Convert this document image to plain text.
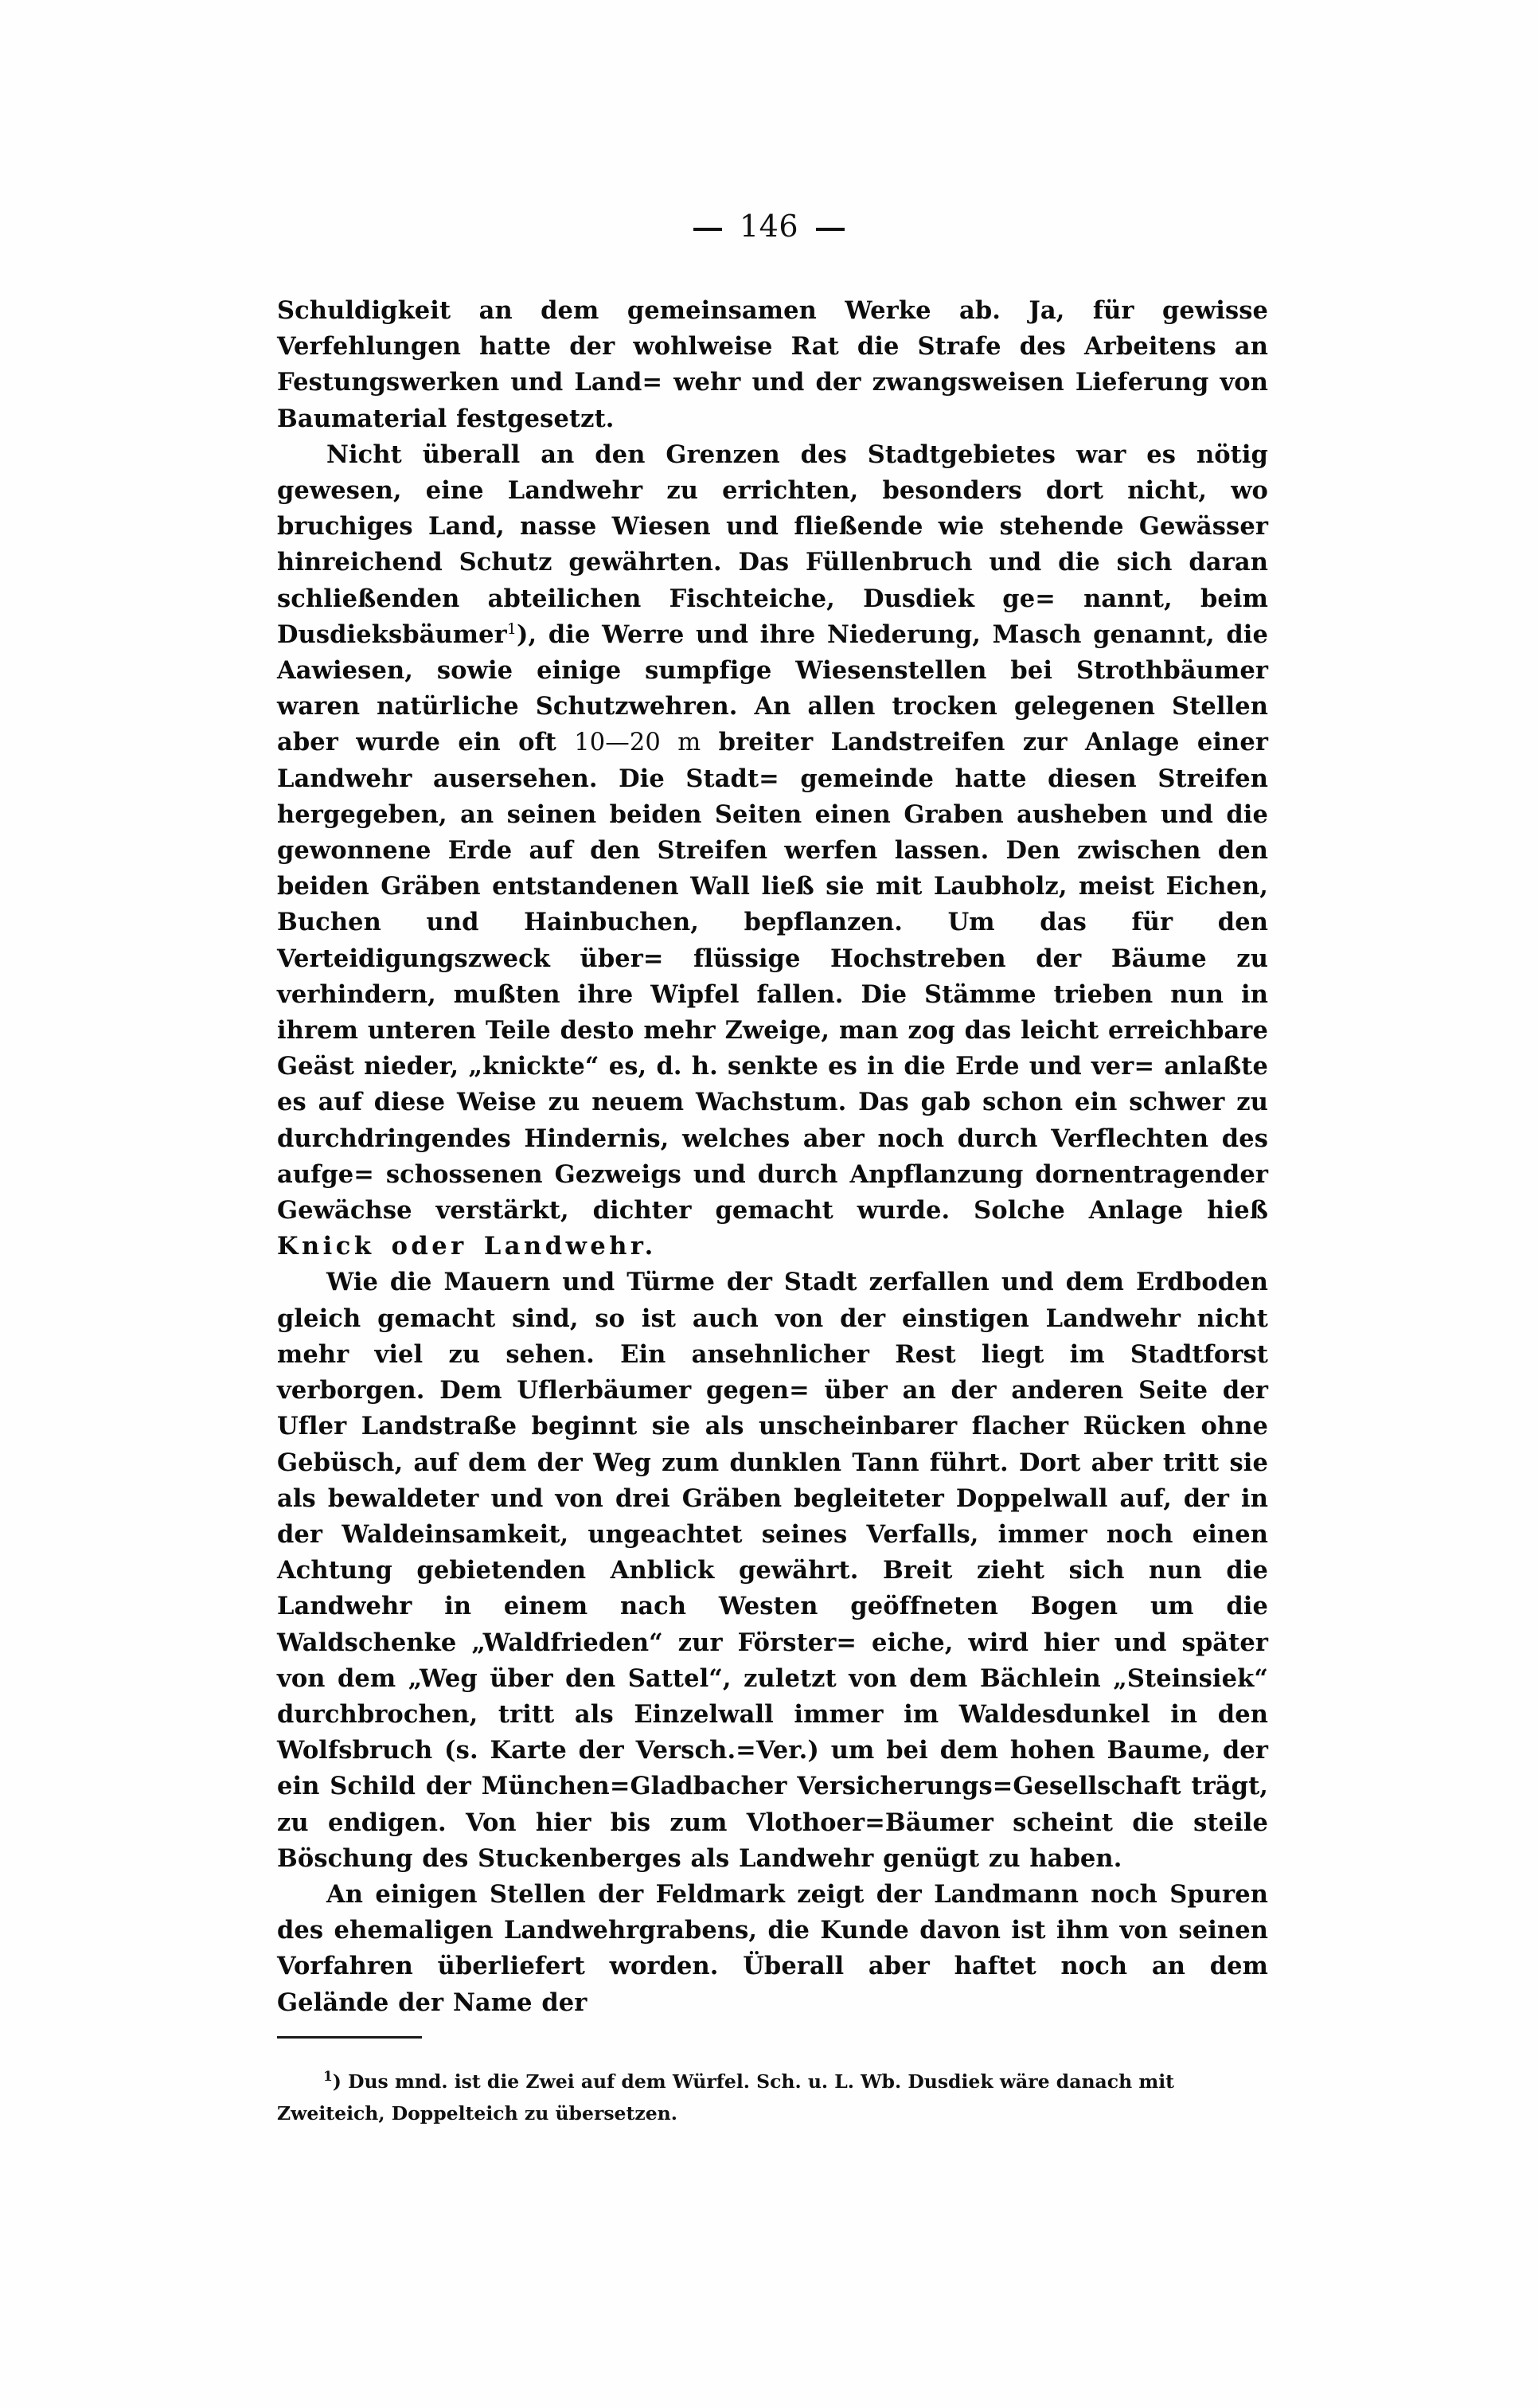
146

Schuldigkeit an dem gemeinsamen Werke ab. Ja, für gewisse Verfehlungen hatte der wohlweise Rat die Strafe des Arbeitens an Festungswerken und Land= wehr und der zwangsweisen Lieferung von Baumaterial festgesetzt.

Nicht überall an den Grenzen des Stadtgebietes war es nötig gewesen, eine Landwehr zu errichten, besonders dort nicht, wo bruchiges Land, nasse Wiesen und fließende wie stehende Gewässer hinreichend Schutz gewährten. Das Füllenbruch und die sich daran schließenden abteilichen Fischteiche, Dusdiek ge= nannt, beim Dusdieksbäumer$^1$), die Werre und ihre Niederung, Masch genannt, die Aawiesen, sowie einige sumpfige Wiesenstellen bei Strothbäumer waren natürliche Schutzwehren. An allen trocken gelegenen Stellen aber wurde ein oft 10—20 m breiter Landstreifen zur Anlage einer Landwehr ausersehen. Die Stadt= gemeinde hatte diesen Streifen hergegeben, an seinen beiden Seiten einen Graben ausheben und die gewonnene Erde auf den Streifen werfen lassen. Den zwischen den beiden Gräben entstandenen Wall ließ sie mit Laubholz, meist Eichen, Buchen und Hainbuchen, bepflanzen. Um das für den Verteidigungszweck über= flüssige Hochstreben der Bäume zu verhindern, mußten ihre Wipfel fallen. Die Stämme trieben nun in ihrem unteren Teile desto mehr Zweige, man zog das leicht erreichbare Geäst nieder, „knickte“ es, d. h. senkte es in die Erde und ver= anlaßte es auf diese Weise zu neuem Wachstum. Das gab schon ein schwer zu durchdringendes Hindernis, welches aber noch durch Verflechten des aufge= schossenen Gezweigs und durch Anpflanzung dornentragender Gewächse verstärkt, dichter gemacht wurde. Solche Anlage hieß Knick oder Landwehr.

Wie die Mauern und Türme der Stadt zerfallen und dem Erdboden gleich gemacht sind, so ist auch von der einstigen Landwehr nicht mehr viel zu sehen. Ein ansehnlicher Rest liegt im Stadtforst verborgen. Dem Uflerbäumer gegen= über an der anderen Seite der Ufler Landstraße beginnt sie als unscheinbarer flacher Rücken ohne Gebüsch, auf dem der Weg zum dunklen Tann führt. Dort aber tritt sie als bewaldeter und von drei Gräben begleiteter Doppelwall auf, der in der Waldeinsamkeit, ungeachtet seines Verfalls, immer noch einen Achtung gebietenden Anblick gewährt. Breit zieht sich nun die Landwehr in einem nach Westen geöffneten Bogen um die Waldschenke „Waldfrieden“ zur Förster= eiche, wird hier und später von dem „Weg über den Sattel“, zuletzt von dem Bächlein „Steinsiek“ durchbrochen, tritt als Einzelwall immer im Waldesdunkel in den Wolfsbruch (s. Karte der Versch.=Ver.) um bei dem hohen Baume, der ein Schild der München=Gladbacher Versicherungs=Gesellschaft trägt, zu endigen. Von hier bis zum Vlothoer=Bäumer scheint die steile Böschung des Stuckenberges als Landwehr genügt zu haben.

An einigen Stellen der Feldmark zeigt der Landmann noch Spuren des ehemaligen Landwehrgrabens, die Kunde davon ist ihm von seinen Vorfahren überliefert worden. Überall aber haftet noch an dem Gelände der Name der

$^1$) Dus mnd. ist die Zwei auf dem Würfel. Sch. u. L. Wb. Dusdiek wäre danach mit
Zweiteich, Doppelteich zu übersetzen.
